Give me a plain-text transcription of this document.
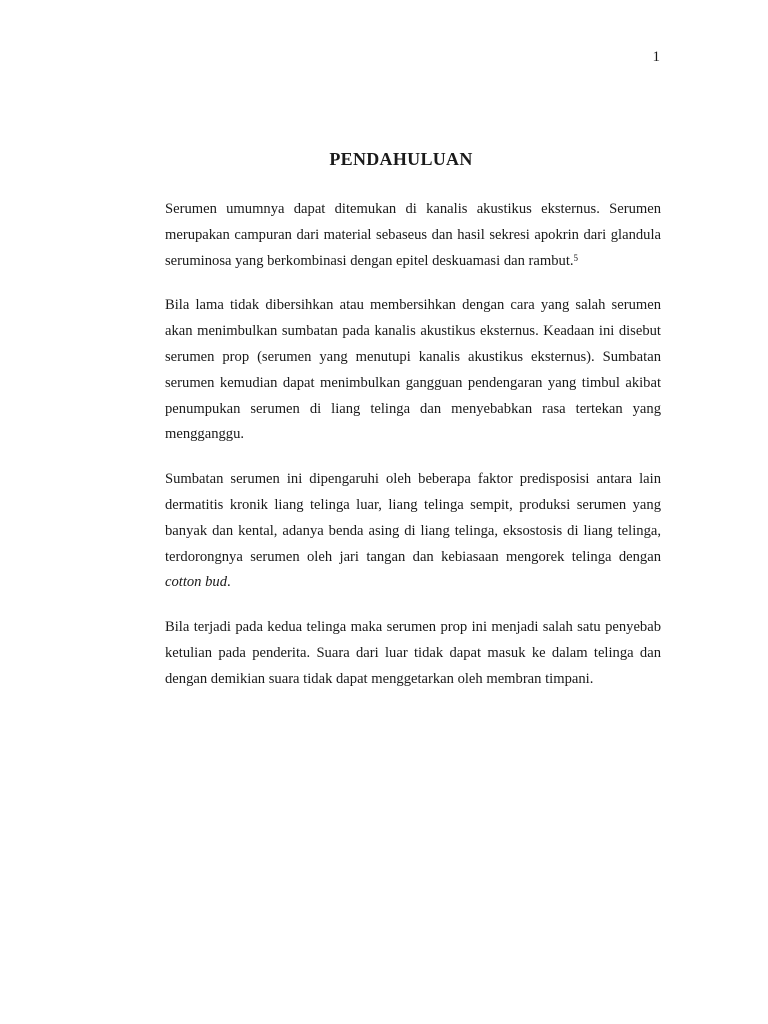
1
PENDAHULUAN

Serumen umumnya dapat ditemukan di kanalis akustikus eksternus. Serumen merupakan campuran dari material sebaseus dan hasil sekresi apokrin dari glandula seruminosa yang berkombinasi dengan epitel deskuamasi dan rambut.$^5$

Bila lama tidak dibersihkan atau membersihkan dengan cara yang salah serumen akan menimbulkan sumbatan pada kanalis akustikus eksternus. Keadaan ini disebut serumen prop (serumen yang menutupi kanalis akustikus eksternus). Sumbatan serumen kemudian dapat menimbulkan gangguan pendengaran yang timbul akibat penumpukan serumen di liang telinga dan menyebabkan rasa tertekan yang mengganggu.

Sumbatan serumen ini dipengaruhi oleh beberapa faktor predisposisi antara lain dermatitis kronik liang telinga luar, liang telinga sempit, produksi serumen yang banyak dan kental, adanya benda asing di liang telinga, eksostosis di liang telinga, terdorongnya serumen oleh jari tangan dan kebiasaan mengorek telinga dengan cotton bud.

Bila terjadi pada kedua telinga maka serumen prop ini menjadi salah satu penyebab ketulian pada penderita. Suara dari luar tidak dapat masuk ke dalam telinga dan dengan demikian suara tidak dapat menggetarkan oleh membran timpani.
